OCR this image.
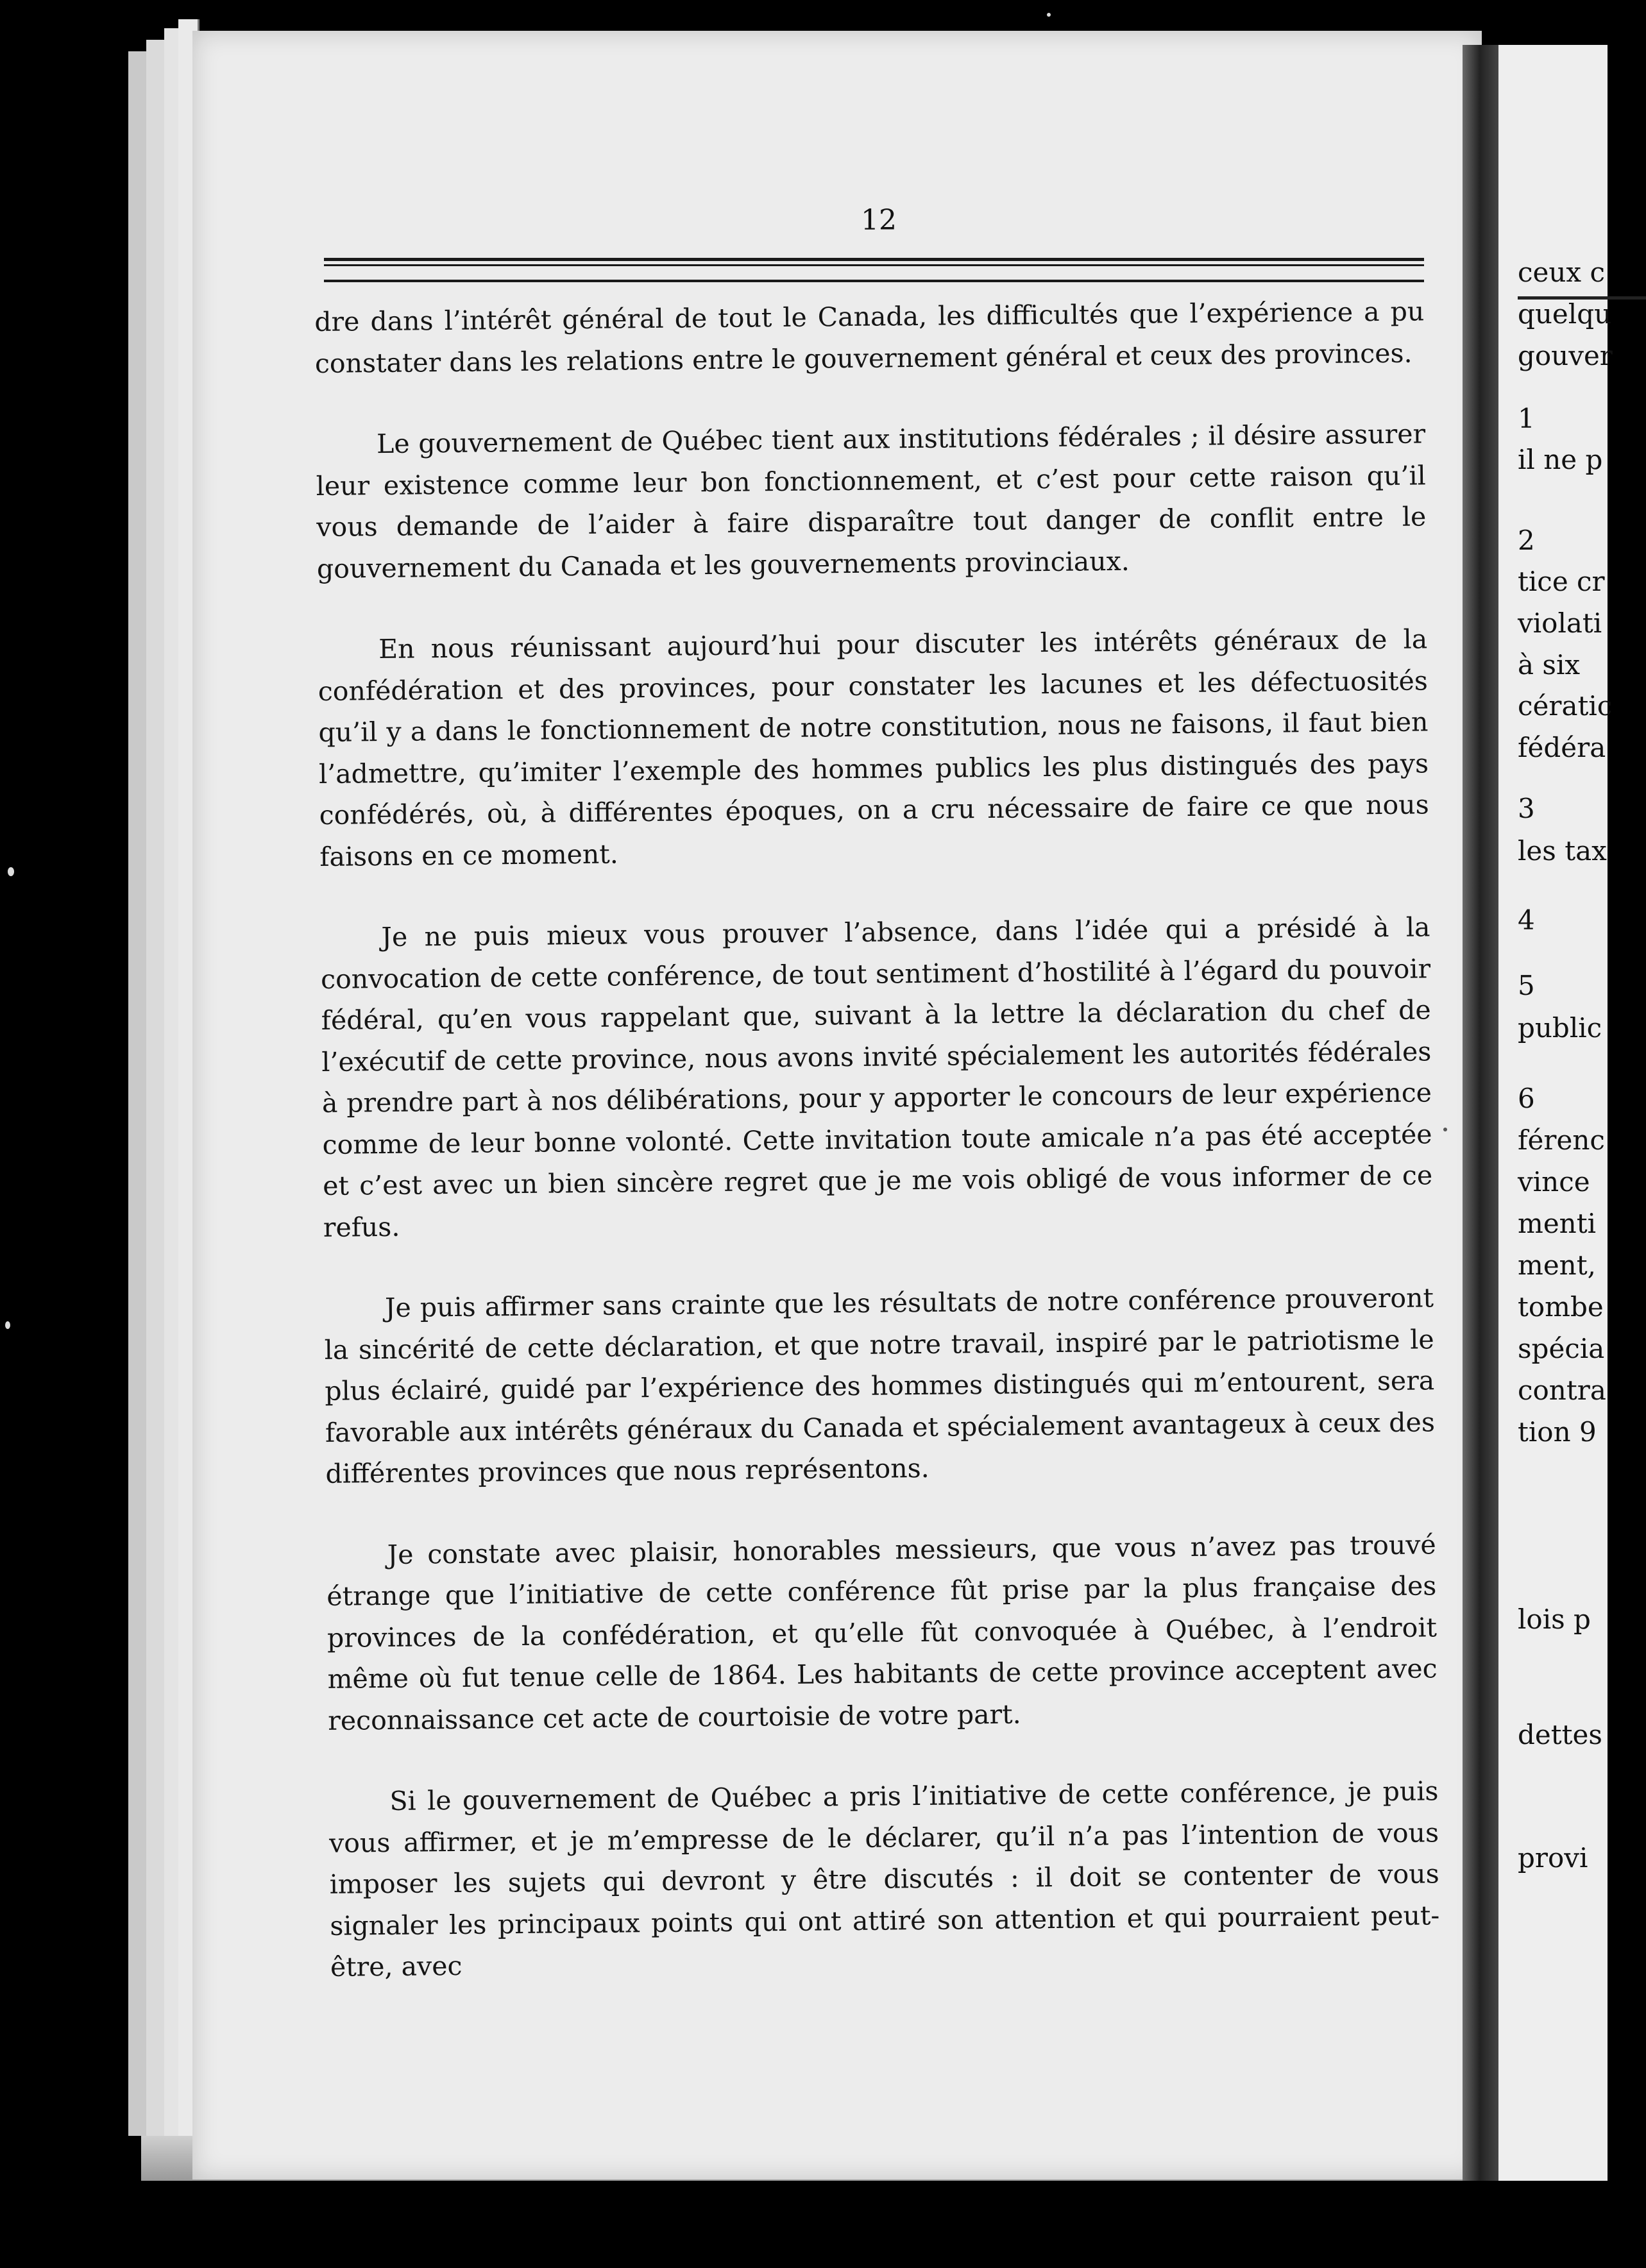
12

dre dans l’intérêt général de tout le Canada, les difficultés que l’expérience a pu constater dans les relations entre le gouvernement général et ceux des provinces.

Le gouvernement de Québec tient aux institutions fédérales ; il désire assurer leur existence comme leur bon fonctionnement, et c’est pour cette raison qu’il vous demande de l’aider à faire disparaître tout danger de conflit entre le gouvernement du Canada et les gouvernements provinciaux.

En nous réunissant aujourd’hui pour discuter les intérêts généraux de la confédération et des provinces, pour constater les lacunes et les défectuosités qu’il y a dans le fonctionnement de notre constitution, nous ne faisons, il faut bien l’admettre, qu’imiter l’exemple des hommes publics les plus distingués des pays confédérés, où, à différentes époques, on a cru nécessaire de faire ce que nous faisons en ce moment.

Je ne puis mieux vous prouver l’absence, dans l’idée qui a présidé à la convocation de cette conférence, de tout sentiment d’hostilité à l’égard du pouvoir fédéral, qu’en vous rappelant que, suivant à la lettre la déclaration du chef de l’exécutif de cette province, nous avons invité spécialement les autorités fédérales à prendre part à nos délibérations, pour y apporter le concours de leur expérience comme de leur bonne volonté. Cette invitation toute amicale n’a pas été acceptée et c’est avec un bien sincère regret que je me vois obligé de vous informer de ce refus.

Je puis affirmer sans crainte que les résultats de notre conférence prouveront la sincérité de cette déclaration, et que notre travail, inspiré par le patriotisme le plus éclairé, guidé par l’expérience des hommes distingués qui m’entourent, sera favorable aux intérêts généraux du Canada et spécialement avantageux à ceux des différentes provinces que nous représentons.

Je constate avec plaisir, honorables messieurs, que vous n’avez pas trouvé étrange que l’initiative de cette conférence fût prise par la plus française des provinces de la confédération, et qu’elle fût convoquée à Québec, à l’endroit même où fut tenue celle de 1864. Les habitants de cette province acceptent avec reconnaissance cet acte de courtoisie de votre part.

Si le gouvernement de Québec a pris l’initiative de cette conférence, je puis vous affirmer, et je m’empresse de le déclarer, qu’il n’a pas l’intention de vous imposer les sujets qui devront y être discutés : il doit se contenter de vous signaler les principaux points qui ont attiré son attention et qui pourraient peut-être, avec

ceux c
quelqu
gouver
1
il ne p
2
tice cr
violati
à six
cératic
fédéra
3
les tax
4
5
public
6
férenc
vince
menti
ment,
tombe
spécia
contra
tion 9
lois p
dettes
provi
